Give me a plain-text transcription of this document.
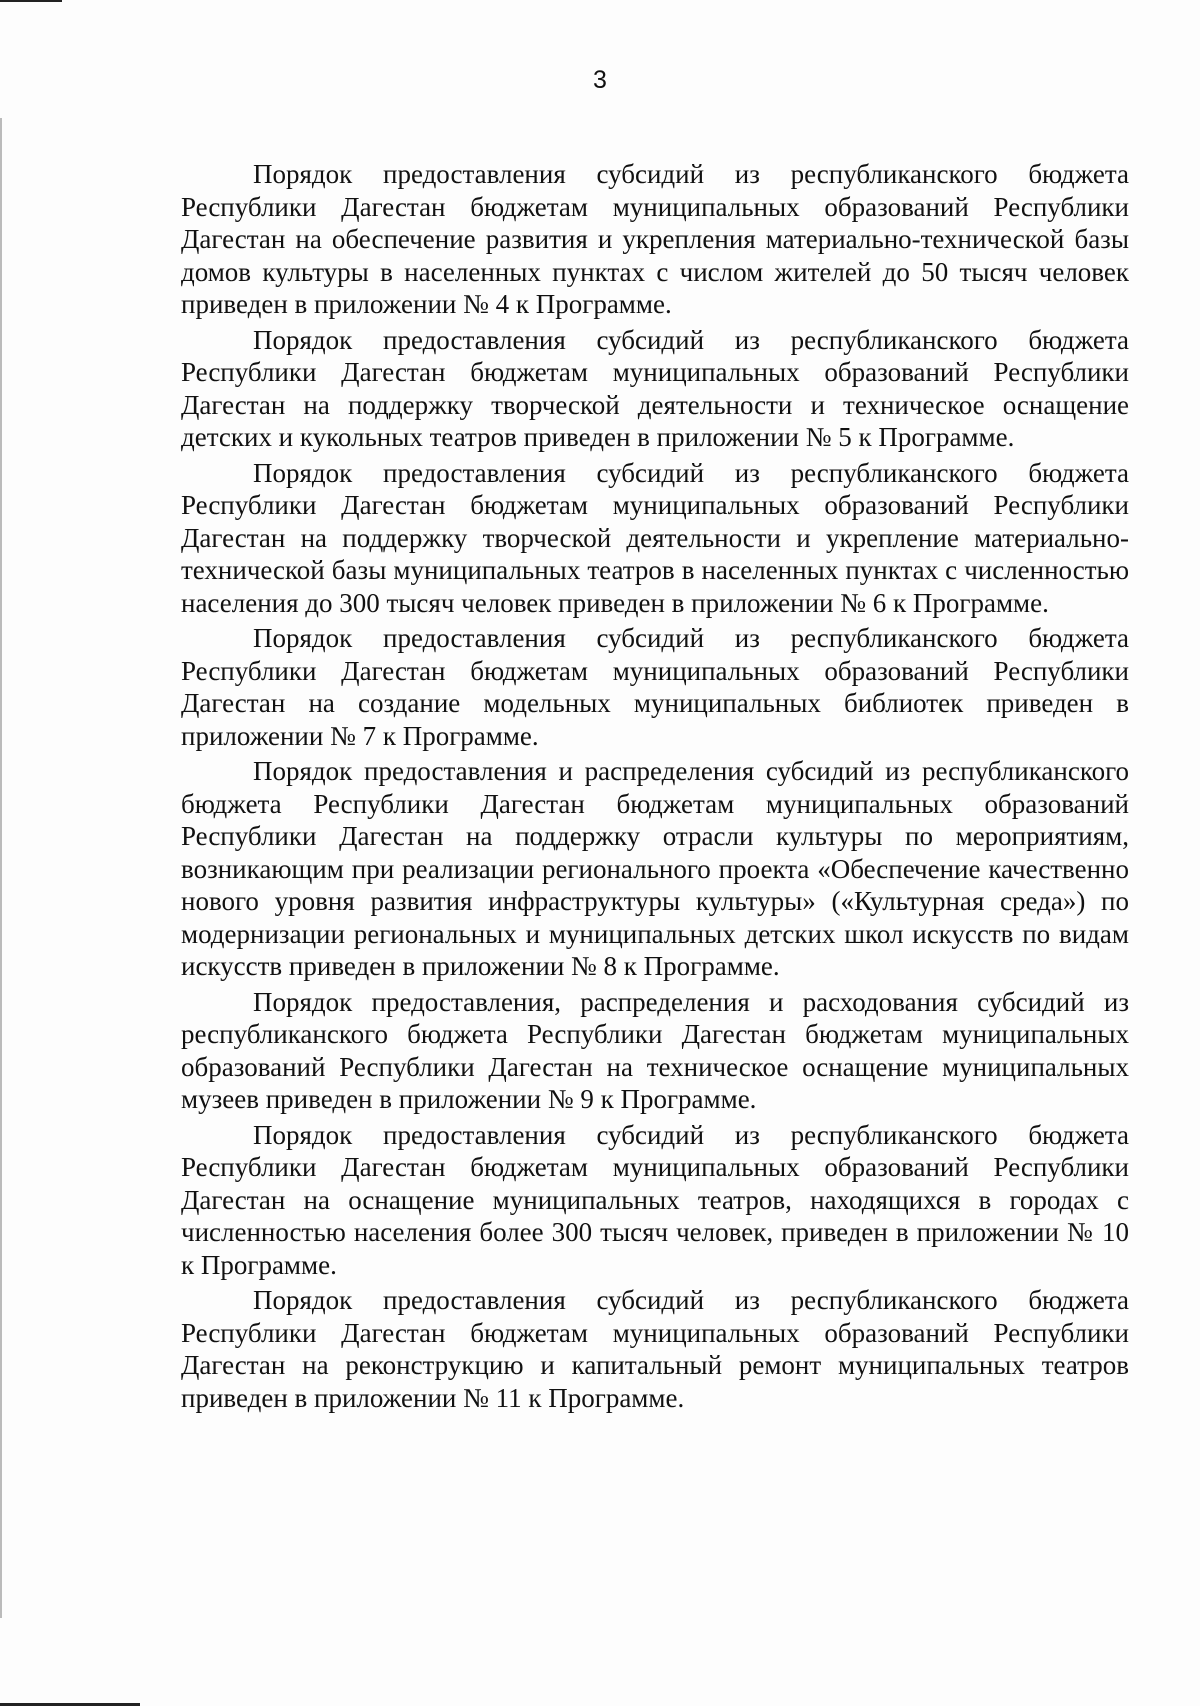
3

Порядок предоставления субсидий из республиканского бюджета Республики Дагестан бюджетам муниципальных образований Республики Дагестан на обеспечение развития и укрепления материально-технической базы домов культуры в населенных пунктах с числом жителей до 50 тысяч человек приведен в приложении № 4 к Программе.

Порядок предоставления субсидий из республиканского бюджета Республики Дагестан бюджетам муниципальных образований Республики Дагестан на поддержку творческой деятельности и техническое оснащение детских и кукольных театров приведен в приложении № 5 к Программе.

Порядок предоставления субсидий из республиканского бюджета Республики Дагестан бюджетам муниципальных образований Республики Дагестан на поддержку творческой деятельности и укрепление материально-технической базы муниципальных театров в населенных пунктах с численностью населения до 300 тысяч человек приведен в приложении № 6 к Программе.

Порядок предоставления субсидий из республиканского бюджета Республики Дагестан бюджетам муниципальных образований Республики Дагестан на создание модельных муниципальных библиотек приведен в приложении № 7 к Программе.

Порядок предоставления и распределения субсидий из республиканского бюджета Республики Дагестан бюджетам муниципальных образований Республики Дагестан на поддержку отрасли культуры по мероприятиям, возникающим при реализации регионального проекта «Обеспечение качественно нового уровня развития инфраструктуры культуры» («Культурная среда») по модернизации региональных и муниципальных детских школ искусств по видам искусств приведен в приложении № 8 к Программе.

Порядок предоставления, распределения и расходования субсидий из республиканского бюджета Республики Дагестан бюджетам муниципальных образований Республики Дагестан на техническое оснащение муниципальных музеев приведен в приложении № 9 к Программе.

Порядок предоставления субсидий из республиканского бюджета Республики Дагестан бюджетам муниципальных образований Республики Дагестан на оснащение муниципальных театров, находящихся в городах с численностью населения более 300 тысяч человек, приведен в приложении № 10 к Программе.

Порядок предоставления субсидий из республиканского бюджета Республики Дагестан бюджетам муниципальных образований Республики Дагестан на реконструкцию и капитальный ремонт муниципальных театров приведен в приложении № 11 к Программе.
